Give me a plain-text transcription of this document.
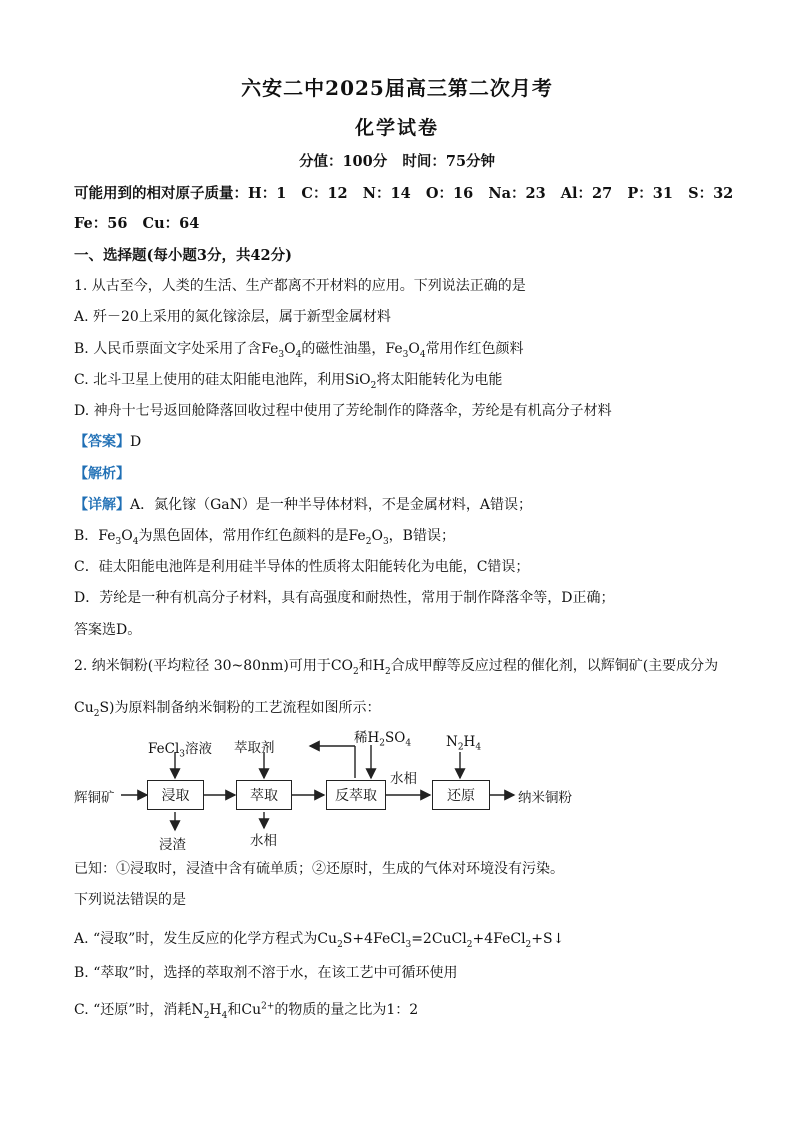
六安二中2025届高三第二次月考
化学试卷
分值：100分   时间：75分钟
可能用到的相对原子质量：H：1   C：12   N：14   O：16   Na：23   Al：27   P：31   S：32
Fe：56   Cu：64
一、选择题(每小题3分，共42分)
1. 从古至今，人类的生活、生产都离不开材料的应用。下列说法正确的是
A. 歼－20上采用的氮化镓涂层，属于新型金属材料
B. 人民币票面文字处采用了含$Fe_3O_4$的磁性油墨，$Fe_3O_4$常用作红色颜料
C. 北斗卫星上使用的硅太阳能电池阵，利用SiO$_2$将太阳能转化为电能
D. 神舟十七号返回舱降落回收过程中使用了芳纶制作的降落伞，芳纶是有机高分子材料
【答案】D
【解析】
【详解】A．氮化镓（GaN）是一种半导体材料，不是金属材料，A错误；
B．$Fe_3O_4$为黑色固体，常用作红色颜料的是$Fe_2O_3$，B错误；
C．硅太阳能电池阵是利用硅半导体的性质将太阳能转化为电能，C错误；
D．芳纶是一种有机高分子材料，具有高强度和耐热性，常用于制作降落伞等，D正确；
答案选D。
2. 纳米铜粉(平均粒径 30~80nm)可用于$CO_2$和$H_2$合成甲醇等反应过程的催化剂，以辉铜矿(主要成分为
$Cu_2S$)为原料制备纳米铜粉的工艺流程如图所示：
浸取	萃取	反萃取	还原
辉铜矿	纳米铜粉
FeCl$_3$溶液 萃取剂
稀$H_2SO_4$	$N_2H_4$
水相
浸渣	水相
已知：①浸取时，浸渣中含有硫单质；②还原时，生成的气体对环境没有污染。
下列说法错误的是
A. “浸取”时，发生反应的化学方程式为$Cu_2S+4FeCl_3=2CuCl_2+4FeCl_2+S↓$
B. “萃取”时，选择的萃取剂不溶于水，在该工艺中可循环使用
C. “还原”时，消耗$N_2H_4$和$Cu^{2+}$的物质的量之比为1：2
